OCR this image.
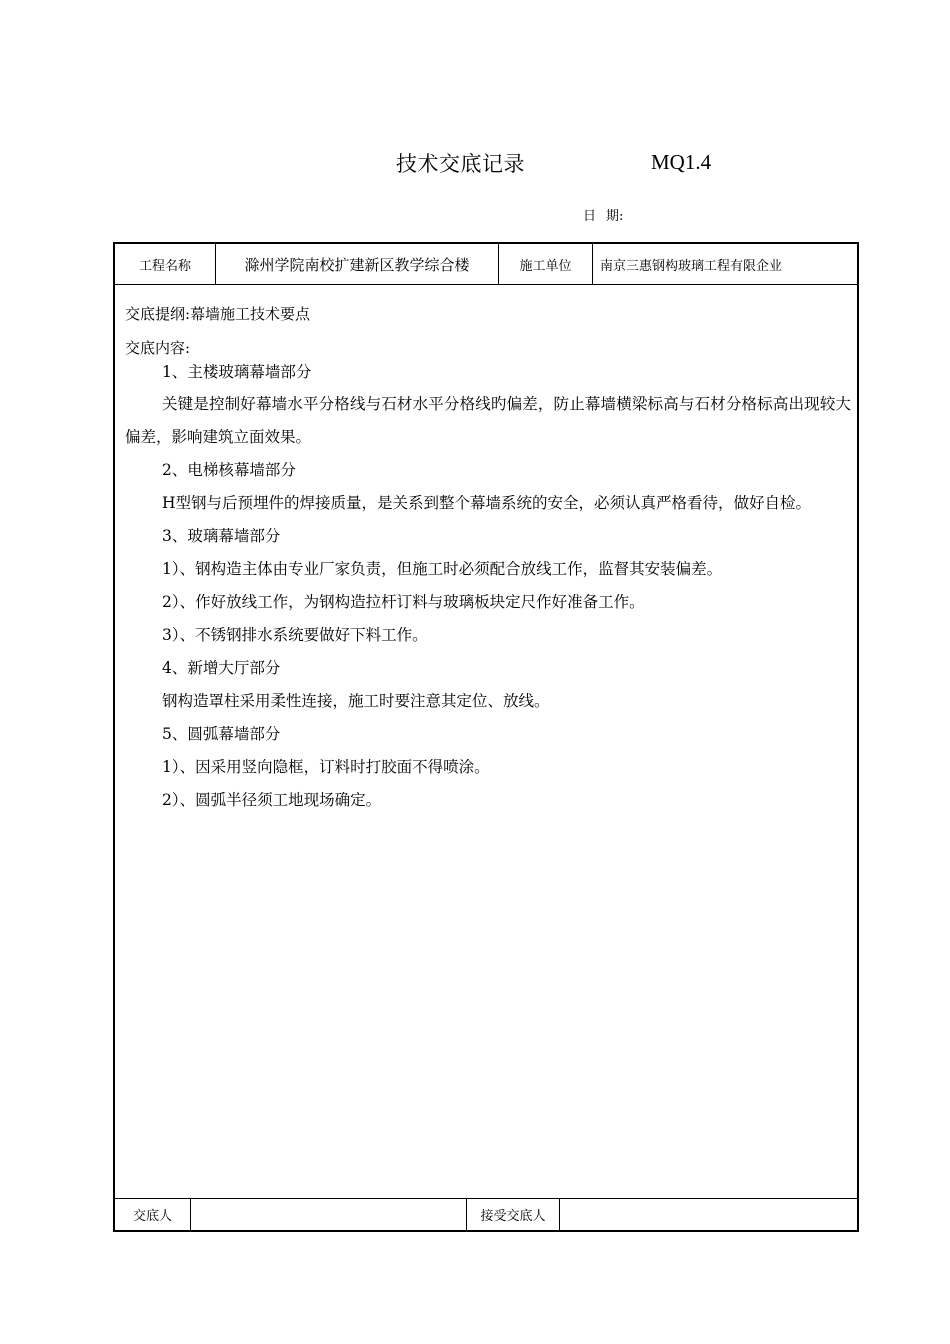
技术交底记录	MQ1.4
日 期:
工程名称	滁州学院南校扩建新区教学综合楼	施工单位	南京三惠钢构玻璃工程有限企业
交底提纲:幕墙施工技术要点
交底内容:
1、主楼玻璃幕墙部分
关键是控制好幕墙水平分格线与石材水平分格线旳偏差，防止幕墙横梁标高与石材分格标高出现较大偏差，影响建筑立面效果。
2、电梯核幕墙部分
H型钢与后预埋件的焊接质量，是关系到整个幕墙系统的安全，必须认真严格看待，做好自检。
3、玻璃幕墙部分
1）、钢构造主体由专业厂家负责，但施工时必须配合放线工作，监督其安装偏差。
2）、作好放线工作，为钢构造拉杆订料与玻璃板块定尺作好准备工作。
3）、不锈钢排水系统要做好下料工作。
4、新增大厅部分
钢构造罩柱采用柔性连接，施工时要注意其定位、放线。
5、圆弧幕墙部分
1）、因采用竖向隐框，订料时打胶面不得喷涂。
2）、圆弧半径须工地现场确定。
交底人	接受交底人
